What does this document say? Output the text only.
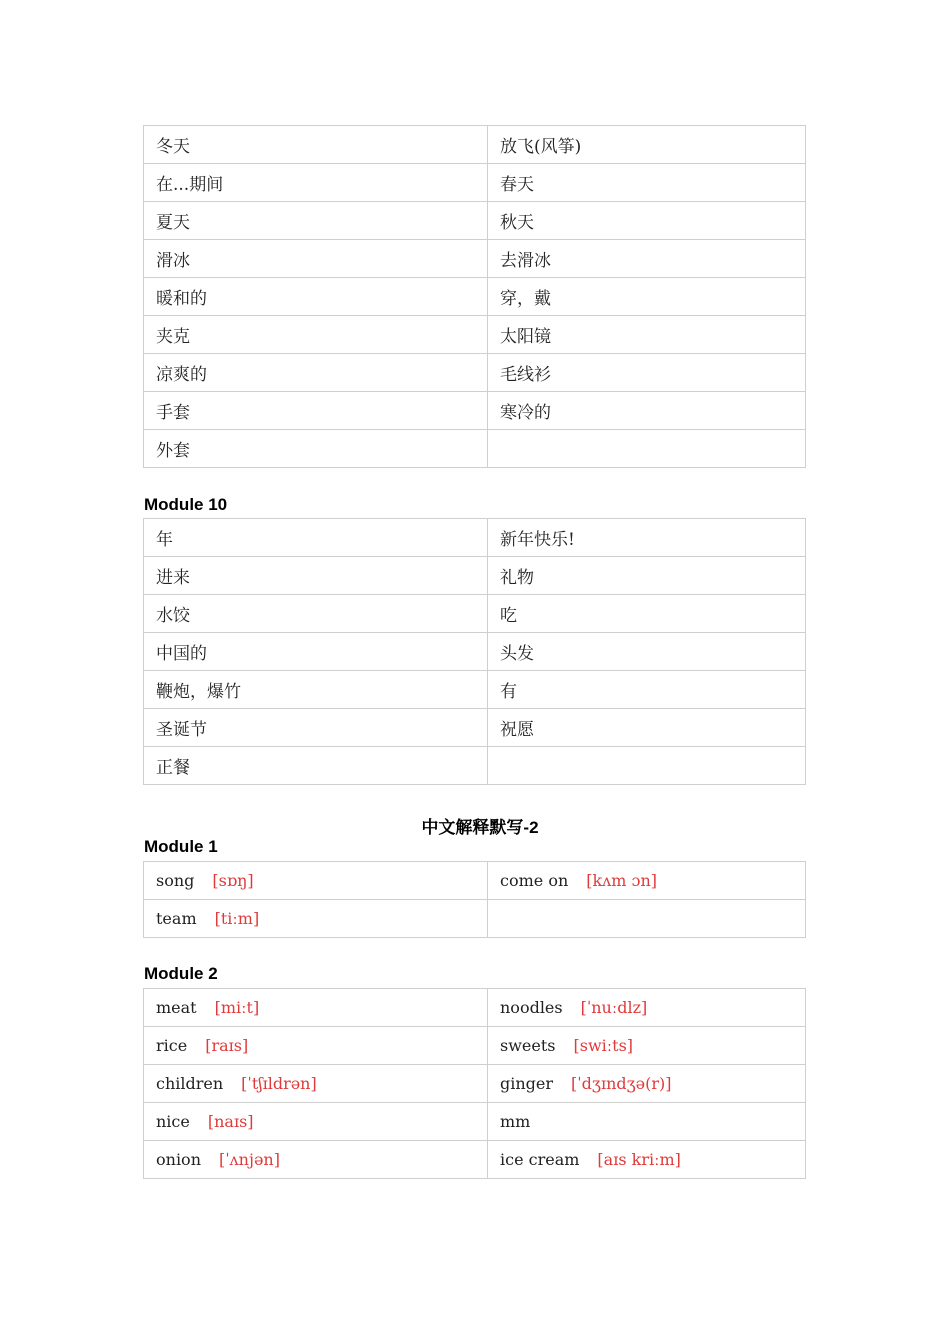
冬天	放飞(风筝)
在...期间	春天
夏天	秋天
滑冰	去滑冰
暖和的	穿，戴
夹克	太阳镜
凉爽的	毛线衫
手套	寒冷的
外套	
Module 10
年	新年快乐!
进来	礼物
水饺	吃
中国的	头发
鞭炮，爆竹	有
圣诞节	祝愿
正餐	
中文解释默写-2
Module 1
song [sɒŋ]	come on [kʌm ɔn]
team [tiːm]	
Module 2
meat [miːt]	noodles [ˈnuːdlz]
rice [raɪs]	sweets [swiːts]
children [ˈtʃɪldrən]	ginger [ˈdʒɪndʒə(r)]
nice [naɪs]	mm
onion [ˈʌnjən]	ice cream [aɪs kriːm]
